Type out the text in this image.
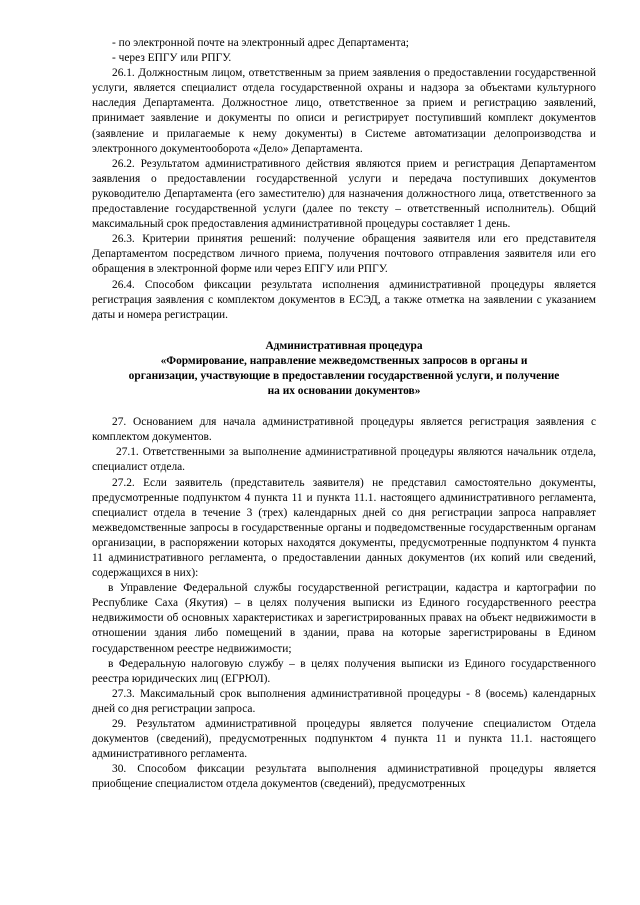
- по электронной почте на электронный адрес Департамента;

- через ЕПГУ или РПГУ.

26.1. Должностным лицом, ответственным за прием заявления о предоставлении государственной услуги, является специалист отдела государственной охраны и надзора за объектами культурного наследия Департамента. Должностное лицо, ответственное за прием и регистрацию заявлений, принимает заявление и документы по описи и регистрирует поступивший комплект документов (заявление и прилагаемые к нему документы) в Системе автоматизации делопроизводства и электронного документооборота «Дело» Департамента.

26.2. Результатом административного действия являются прием и регистрация Департаментом заявления о предоставлении государственной услуги и передача поступивших документов руководителю Департамента (его заместителю) для назначения должностного лица, ответственного за предоставление государственной услуги (далее по тексту – ответственный исполнитель). Общий максимальный срок предоставления административной процедуры составляет 1 день.

26.3. Критерии принятия решений: получение обращения заявителя или его представителя Департаментом посредством личного приема, получения почтового отправления заявителя или его обращения в электронной форме или через ЕПГУ или РПГУ.

26.4. Способом фиксации результата исполнения административной процедуры является регистрация заявления с комплектом документов в ЕСЭД, а также отметка на заявлении с указанием даты и номера регистрации.

Административная процедура
«Формирование, направление межведомственных запросов в органы и
организации, участвующие в предоставлении государственной услуги, и получение
на их основании документов»

27. Основанием для начала административной процедуры является регистрация заявления с комплектом документов.

27.1. Ответственными за выполнение административной процедуры являются начальник отдела, специалист отдела.

27.2. Если заявитель (представитель заявителя) не представил самостоятельно документы, предусмотренные подпунктом 4 пункта 11 и пункта 11.1. настоящего административного регламента, специалист отдела в течение 3 (трех) календарных дней со дня регистрации запроса направляет межведомственные запросы в государственные органы и подведомственные государственным органам организации, в распоряжении которых находятся документы, предусмотренные подпунктом 4 пункта 11 административного регламента, о предоставлении данных документов (их копий или сведений, содержащихся в них):

в Управление Федеральной службы государственной регистрации, кадастра и картографии по Республике Саха (Якутия) – в целях получения выписки из Единого государственного реестра недвижимости об основных характеристиках и зарегистрированных правах на объект недвижимости в отношении здания либо помещений в здании, права на которые зарегистрированы в Едином государственном реестре недвижимости;

в Федеральную налоговую службу – в целях получения выписки из Единого государственного реестра юридических лиц (ЕГРЮЛ).

27.3. Максимальный срок выполнения административной процедуры - 8 (восемь) календарных дней со дня регистрации запроса.

29. Результатом административной процедуры является получение специалистом Отдела документов (сведений), предусмотренных подпунктом 4 пункта 11 и пункта 11.1. настоящего административного регламента.

30. Способом фиксации результата выполнения административной процедуры является приобщение специалистом отдела документов (сведений), предусмотренных
